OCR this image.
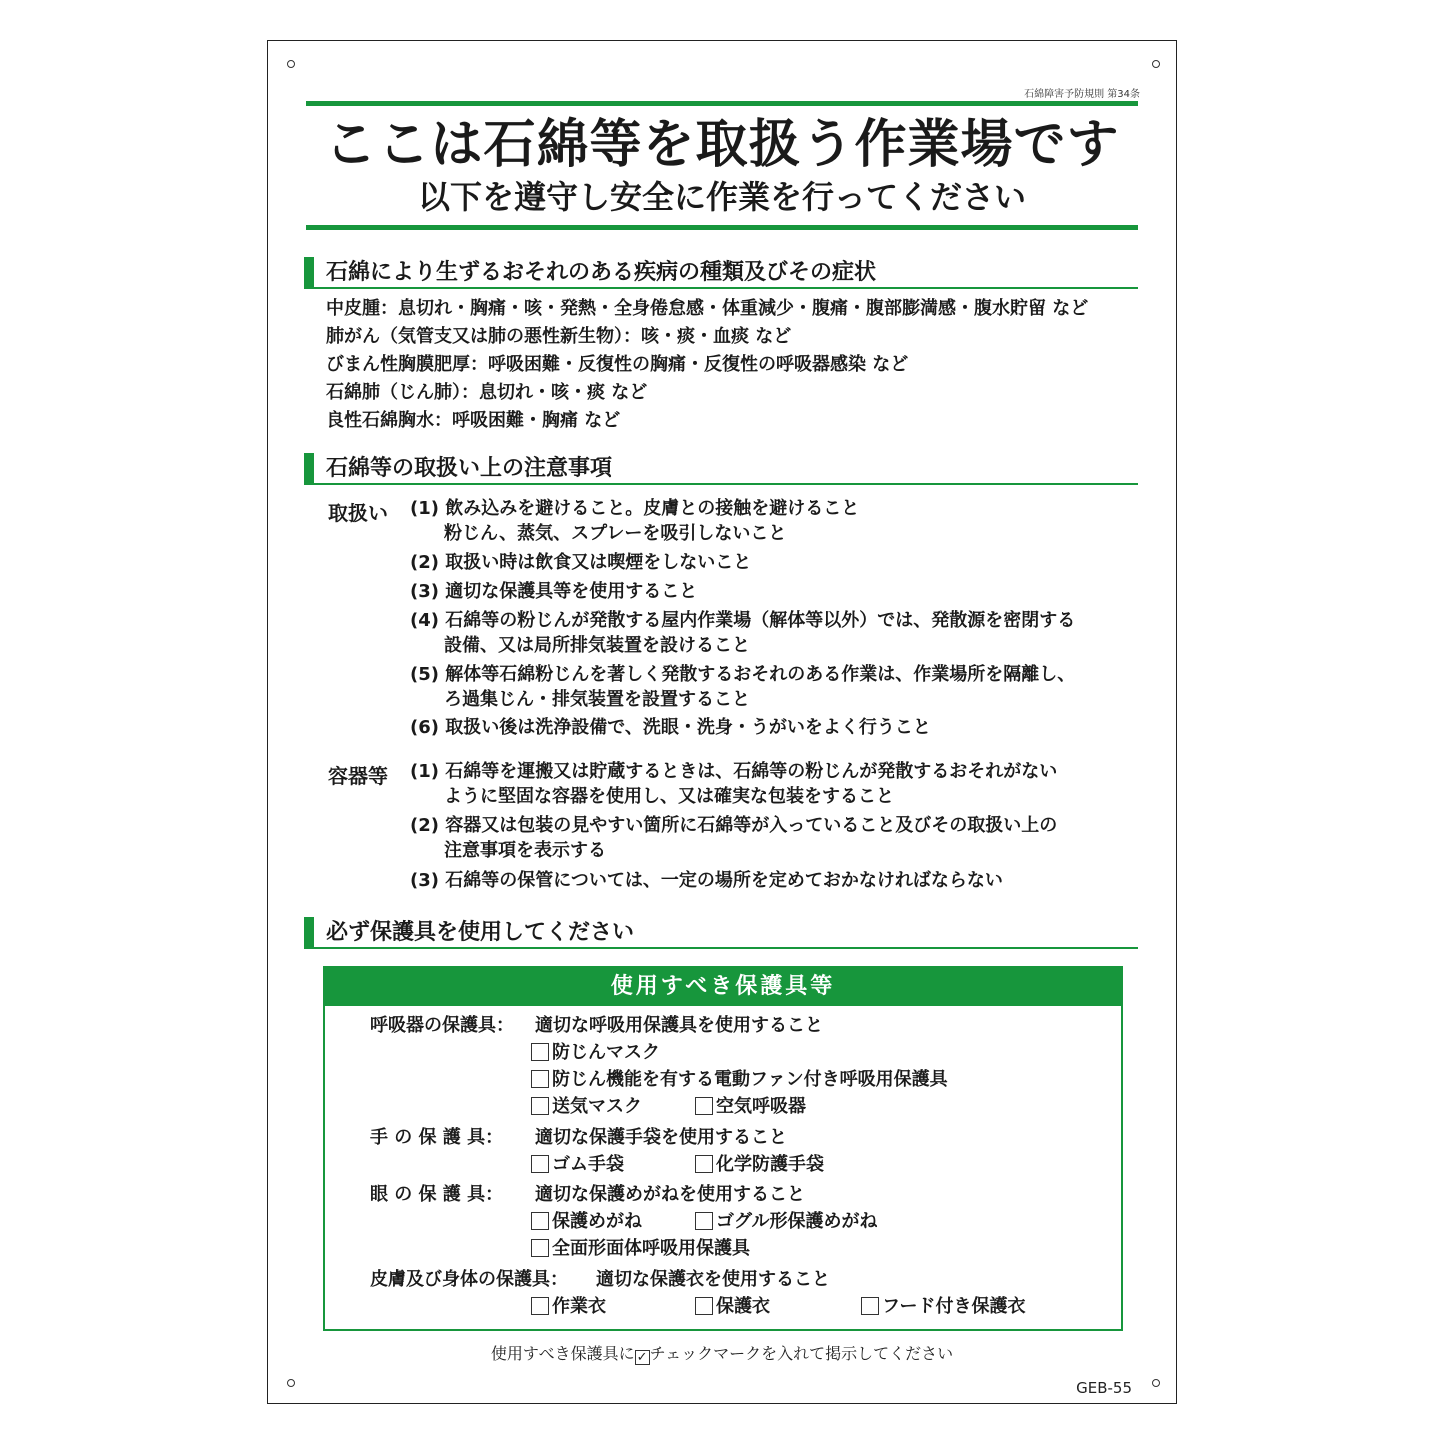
石綿障害予防規則 第34条
ここは石綿等を取扱う作業場です
以下を遵守し安全に作業を行ってください
石綿により生ずるおそれのある疾病の種類及びその症状
中皮腫：息切れ・胸痛・咳・発熱・全身倦怠感・体重減少・腹痛・腹部膨満感・腹水貯留 など
肺がん（気管支又は肺の悪性新生物）：咳・痰・血痰 など
びまん性胸膜肥厚：呼吸困難・反復性の胸痛・反復性の呼吸器感染 など
石綿肺（じん肺）：息切れ・咳・痰 など
良性石綿胸水：呼吸困難・胸痛 など
石綿等の取扱い上の注意事項
取扱い (1) 飲み込みを避けること。皮膚との接触を避けること
粉じん、蒸気、スプレーを吸引しないこと
(2) 取扱い時は飲食又は喫煙をしないこと
(3) 適切な保護具等を使用すること
(4) 石綿等の粉じんが発散する屋内作業場（解体等以外）では、発散源を密閉する
設備、又は局所排気装置を設けること
(5) 解体等石綿粉じんを著しく発散するおそれのある作業は、作業場所を隔離し、
ろ過集じん・排気装置を設置すること
(6) 取扱い後は洗浄設備で、洗眼・洗身・うがいをよく行うこと
容器等 (1) 石綿等を運搬又は貯蔵するときは、石綿等の粉じんが発散するおそれがない
ように堅固な容器を使用し、又は確実な包装をすること
(2) 容器又は包装の見やすい箇所に石綿等が入っていること及びその取扱い上の
注意事項を表示する
(3) 石綿等の保管については、一定の場所を定めておかなければならない
必ず保護具を使用してください
使用すべき保護具等
呼吸器の保護具： 適切な呼吸用保護具を使用すること
防じんマスク
防じん機能を有する電動ファン付き呼吸用保護具
送気マスク	空気呼吸器
手 の 保 護 具： 適切な保護手袋を使用すること
ゴム手袋	化学防護手袋
眼 の 保 護 具： 適切な保護めがねを使用すること
保護めがね	ゴグル形保護めがね
全面形面体呼吸用保護具
皮膚及び身体の保護具： 適切な保護衣を使用すること
作業衣	保護衣	フード付き保護衣
使用すべき保護具に ✓ チェックマークを入れて掲示してください
GEB-55
